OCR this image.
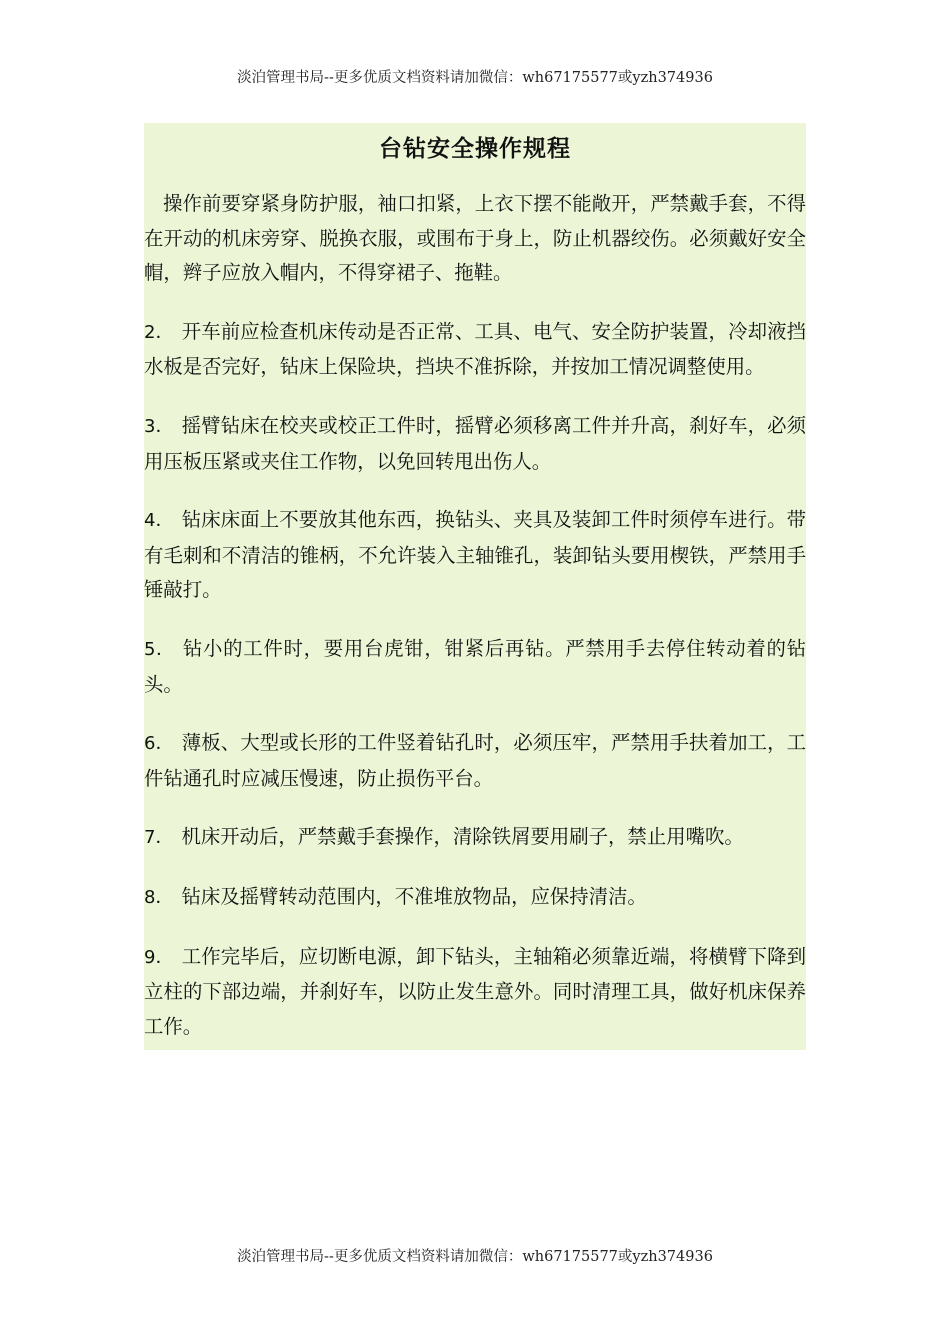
淡泊管理书局--更多优质文档资料请加微信：wh67175577或yzh374936
台钻安全操作规程

操作前要穿紧身防护服，袖口扣紧，上衣下摆不能敞开，严禁戴手套，不得在开动的机床旁穿、脱换衣服，或围布于身上，防止机器绞伤。必须戴好安全帽，辫子应放入帽内，不得穿裙子、拖鞋。

2． 开车前应检查机床传动是否正常、工具、电气、安全防护装置，冷却液挡水板是否完好，钻床上保险块，挡块不准拆除，并按加工情况调整使用。

3． 摇臂钻床在校夹或校正工件时，摇臂必须移离工件并升高，刹好车，必须用压板压紧或夹住工作物，以免回转甩出伤人。

4． 钻床床面上不要放其他东西，换钻头、夹具及装卸工件时须停车进行。带有毛刺和不清洁的锥柄，不允许装入主轴锥孔，装卸钻头要用楔铁，严禁用手锤敲打。

5． 钻小的工件时，要用台虎钳，钳紧后再钻。严禁用手去停住转动着的钻头。

6． 薄板、大型或长形的工件竖着钻孔时，必须压牢，严禁用手扶着加工，工件钻通孔时应减压慢速，防止损伤平台。

7． 机床开动后，严禁戴手套操作，清除铁屑要用刷子，禁止用嘴吹。

8． 钻床及摇臂转动范围内，不准堆放物品，应保持清洁。

9． 工作完毕后，应切断电源，卸下钻头，主轴箱必须靠近端，将横臂下降到立柱的下部边端，并刹好车，以防止发生意外。同时清理工具，做好机床保养工作。

淡泊管理书局--更多优质文档资料请加微信：wh67175577或yzh374936
